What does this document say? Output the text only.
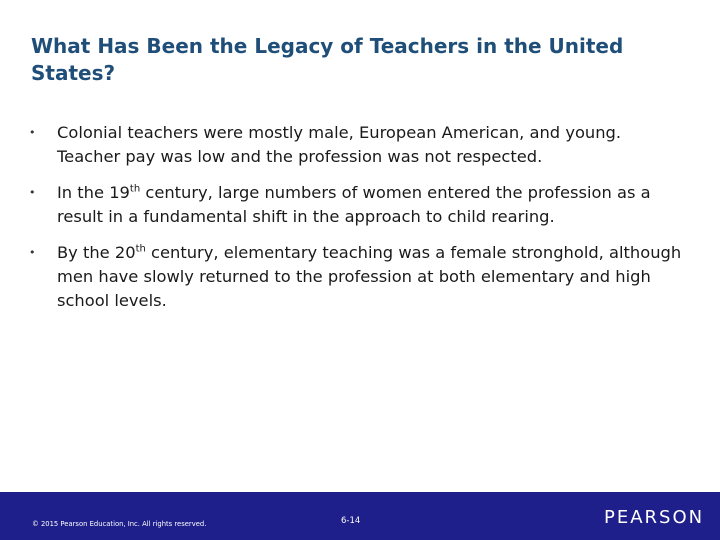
What Has Been the Legacy of Teachers in the United States?
• Colonial teachers were mostly male, European American, and young. Teacher pay was low and the profession was not respected.
• In the 19th century, large numbers of women entered the profession as a result in a fundamental shift in the approach to child rearing.
• By the 20th century, elementary teaching was a female stronghold, although men have slowly returned to the profession at both elementary and high school levels.
The Call to Teach: An Introduction to Teaching, Lynch
© 2015 Pearson Education, Inc. All rights reserved.	6-14	PEARSON
